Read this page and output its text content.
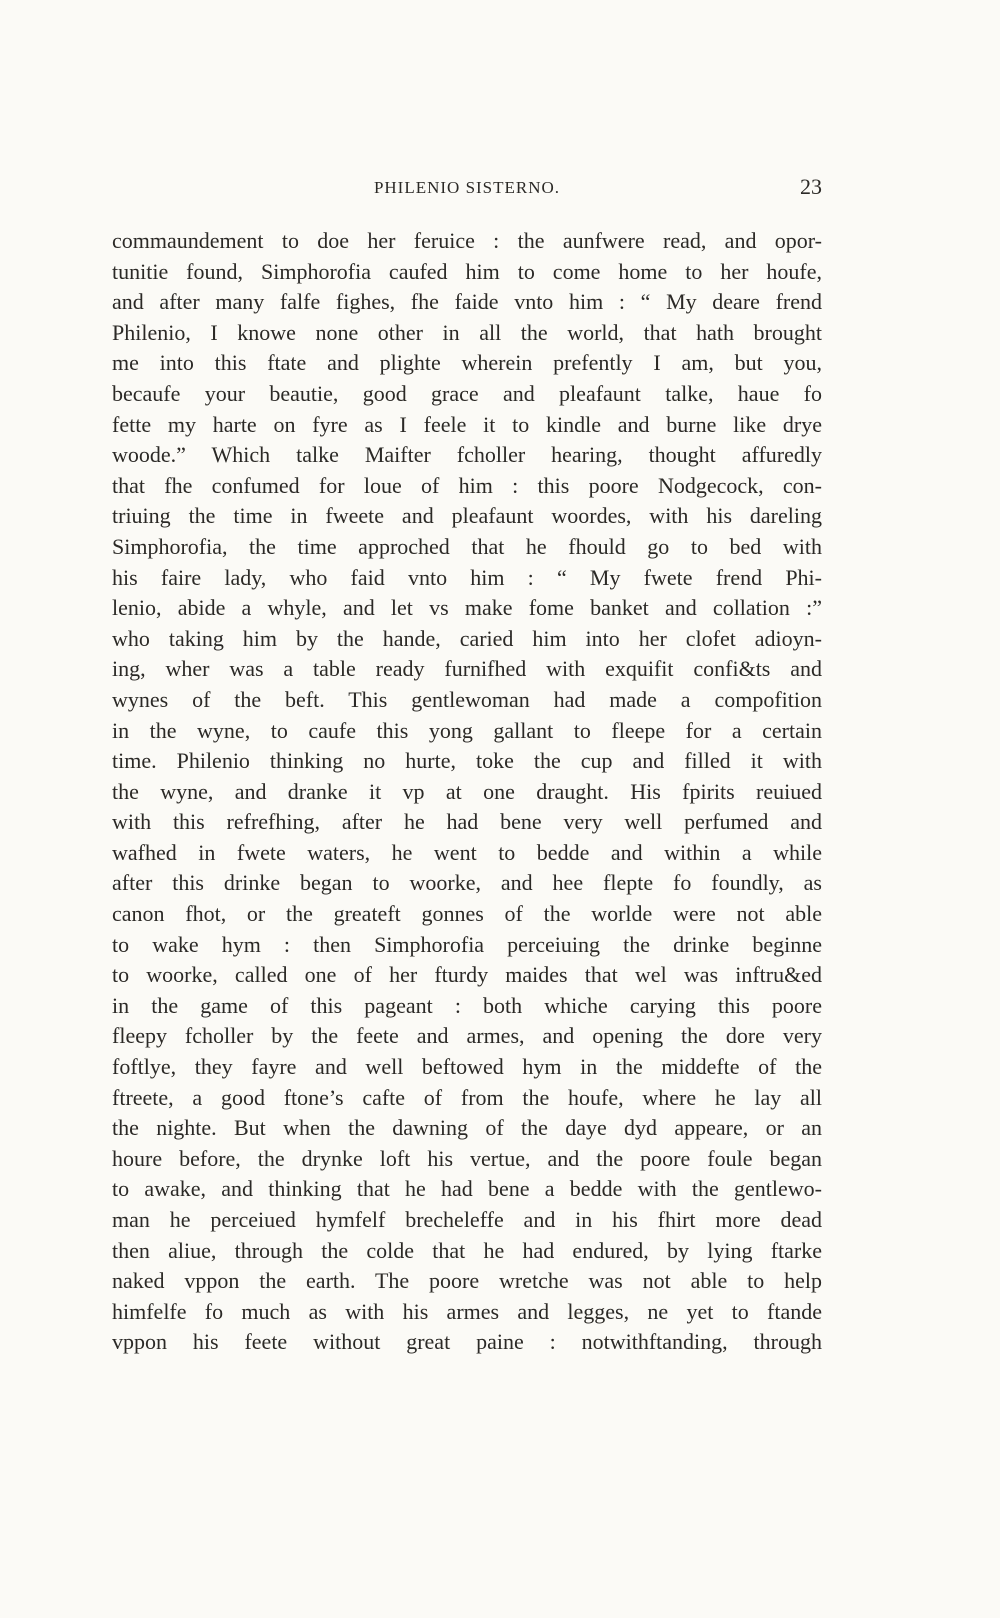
PHILENIO SISTERNO.	23
commaundement to doe her feruice : the aunfwere read, and opor-
tunitie found, Simphorofia caufed him to come home to her houfe,
and after many falfe fighes, fhe faide vnto him : “ My deare frend
Philenio, I knowe none other in all the world, that hath brought
me into this ftate and plighte wherein prefently I am, but you,
becaufe your beautie, good grace and pleafaunt talke, haue fo
fette my harte on fyre as I feele it to kindle and burne like drye
woode.” Which talke Maifter fcholler hearing, thought affuredly
that fhe confumed for loue of him : this poore Nodgecock, con-
triuing the time in fweete and pleafaunt woordes, with his dareling
Simphorofia, the time approched that he fhould go to bed with
his faire lady, who faid vnto him : “ My fwete frend Phi-
lenio, abide a whyle, and let vs make fome banket and collation :”
who taking him by the hande, caried him into her clofet adioyn-
ing, wher was a table ready furnifhed with exquifit confi&ts and
wynes of the beft. This gentlewoman had made a compofition
in the wyne, to caufe this yong gallant to fleepe for a certain
time. Philenio thinking no hurte, toke the cup and filled it with
the wyne, and dranke it vp at one draught. His fpirits reuiued
with this refrefhing, after he had bene very well perfumed and
wafhed in fwete waters, he went to bedde and within a while
after this drinke began to woorke, and hee flepte fo foundly, as
canon fhot, or the greateft gonnes of the worlde were not able
to wake hym : then Simphorofia perceiuing the drinke beginne
to woorke, called one of her fturdy maides that wel was inftru&ed
in the game of this pageant : both whiche carying this poore
fleepy fcholler by the feete and armes, and opening the dore very
foftlye, they fayre and well beftowed hym in the middefte of the
ftreete, a good ftone’s cafte of from the houfe, where he lay all
the nighte. But when the dawning of the daye dyd appeare, or an
houre before, the drynke loft his vertue, and the poore foule began
to awake, and thinking that he had bene a bedde with the gentlewo-
man he perceiued hymfelf brecheleffe and in his fhirt more dead
then aliue, through the colde that he had endured, by lying ftarke
naked vppon the earth. The poore wretche was not able to help
himfelfe fo much as with his armes and legges, ne yet to ftande
vppon his feete without great paine : notwithftanding, through
